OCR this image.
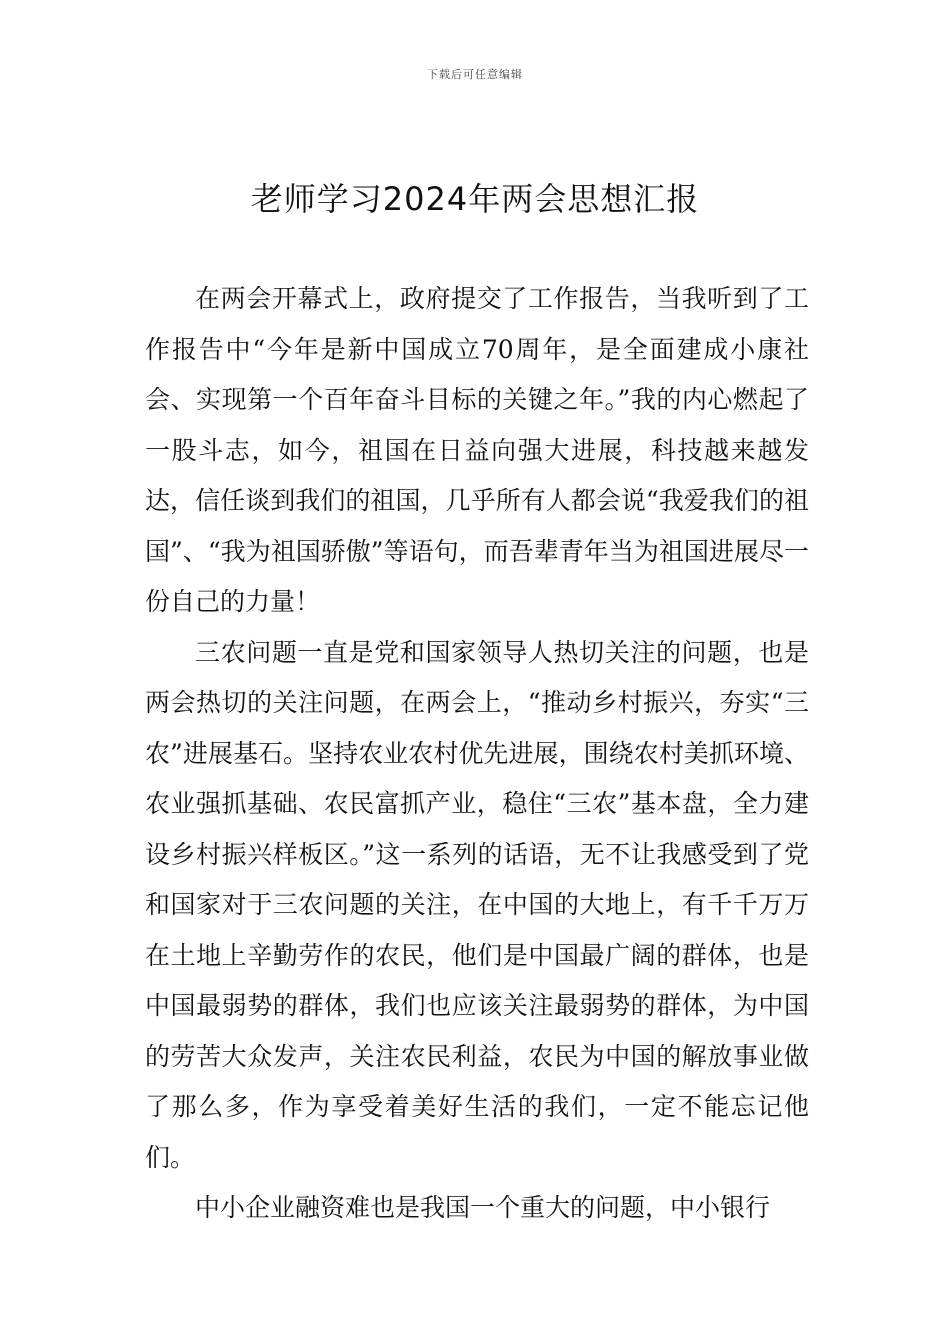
下载后可任意编辑
老师学习2024年两会思想汇报

在两会开幕式上，政府提交了工作报告，当我听到了工作报告中“今年是新中国成立70周年，是全面建成小康社会、实现第一个百年奋斗目标的关键之年。”我的内心燃起了一股斗志，如今，祖国在日益向强大进展，科技越来越发达，信任谈到我们的祖国，几乎所有人都会说“我爱我们的祖国”、“我为祖国骄傲”等语句，而吾辈青年当为祖国进展尽一份自己的力量！

三农问题一直是党和国家领导人热切关注的问题，也是两会热切的关注问题，在两会上，“推动乡村振兴，夯实“三农”进展基石。坚持农业农村优先进展，围绕农村美抓环境、农业强抓基础、农民富抓产业，稳住“三农”基本盘，全力建设乡村振兴样板区。”这一系列的话语，无不让我感受到了党和国家对于三农问题的关注，在中国的大地上，有千千万万在土地上辛勤劳作的农民，他们是中国最广阔的群体，也是中国最弱势的群体，我们也应该关注最弱势的群体，为中国的劳苦大众发声，关注农民利益，农民为中国的解放事业做了那么多，作为享受着美好生活的我们，一定不能忘记他们。

中小企业融资难也是我国一个重大的问题，中小银行
